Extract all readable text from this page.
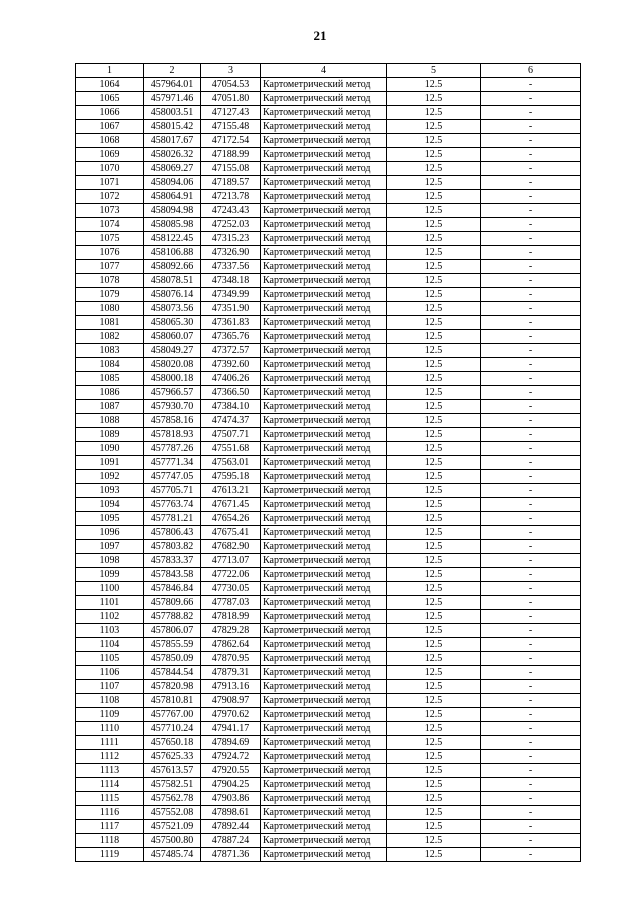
21
1	2	3	4	5	6
1064	457964.01	47054.53	Картометрический метод	12.5	-
1065	457971.46	47051.80	Картометрический метод	12.5	-
1066	458003.51	47127.43	Картометрический метод	12.5	-
1067	458015.42	47155.48	Картометрический метод	12.5	-
1068	458017.67	47172.54	Картометрический метод	12.5	-
1069	458026.32	47188.99	Картометрический метод	12.5	-
1070	458069.27	47155.08	Картометрический метод	12.5	-
1071	458094.06	47189.57	Картометрический метод	12.5	-
1072	458064.91	47213.78	Картометрический метод	12.5	-
1073	458094.98	47243.43	Картометрический метод	12.5	-
1074	458085.98	47252.03	Картометрический метод	12.5	-
1075	458122.45	47315.23	Картометрический метод	12.5	-
1076	458106.88	47326.90	Картометрический метод	12.5	-
1077	458092.66	47337.56	Картометрический метод	12.5	-
1078	458078.51	47348.18	Картометрический метод	12.5	-
1079	458076.14	47349.99	Картометрический метод	12.5	-
1080	458073.56	47351.90	Картометрический метод	12.5	-
1081	458065.30	47361.83	Картометрический метод	12.5	-
1082	458060.07	47365.76	Картометрический метод	12.5	-
1083	458049.27	47372.57	Картометрический метод	12.5	-
1084	458020.08	47392.60	Картометрический метод	12.5	-
1085	458000.18	47406.26	Картометрический метод	12.5	-
1086	457966.57	47366.50	Картометрический метод	12.5	-
1087	457930.70	47384.10	Картометрический метод	12.5	-
1088	457858.16	47474.37	Картометрический метод	12.5	-
1089	457818.93	47507.71	Картометрический метод	12.5	-
1090	457787.26	47551.68	Картометрический метод	12.5	-
1091	457771.34	47563.01	Картометрический метод	12.5	-
1092	457747.05	47595.18	Картометрический метод	12.5	-
1093	457705.71	47613.21	Картометрический метод	12.5	-
1094	457763.74	47671.45	Картометрический метод	12.5	-
1095	457781.21	47654.26	Картометрический метод	12.5	-
1096	457806.43	47675.41	Картометрический метод	12.5	-
1097	457803.82	47682.90	Картометрический метод	12.5	-
1098	457833.37	47713.07	Картометрический метод	12.5	-
1099	457843.58	47722.06	Картометрический метод	12.5	-
1100	457846.84	47730.05	Картометрический метод	12.5	-
1101	457809.66	47787.03	Картометрический метод	12.5	-
1102	457788.82	47818.99	Картометрический метод	12.5	-
1103	457806.07	47829.28	Картометрический метод	12.5	-
1104	457855.59	47862.64	Картометрический метод	12.5	-
1105	457850.09	47870.95	Картометрический метод	12.5	-
1106	457844.54	47879.31	Картометрический метод	12.5	-
1107	457820.98	47913.16	Картометрический метод	12.5	-
1108	457810.81	47908.97	Картометрический метод	12.5	-
1109	457767.00	47970.62	Картометрический метод	12.5	-
1110	457710.24	47941.17	Картометрический метод	12.5	-
1111	457650.18	47894.69	Картометрический метод	12.5	-
1112	457625.33	47924.72	Картометрический метод	12.5	-
1113	457613.57	47920.55	Картометрический метод	12.5	-
1114	457582.51	47904.25	Картометрический метод	12.5	-
1115	457562.78	47903.86	Картометрический метод	12.5	-
1116	457552.08	47898.61	Картометрический метод	12.5	-
1117	457521.09	47892.44	Картометрический метод	12.5	-
1118	457500.80	47887.24	Картометрический метод	12.5	-
1119	457485.74	47871.36	Картометрический метод	12.5	-
